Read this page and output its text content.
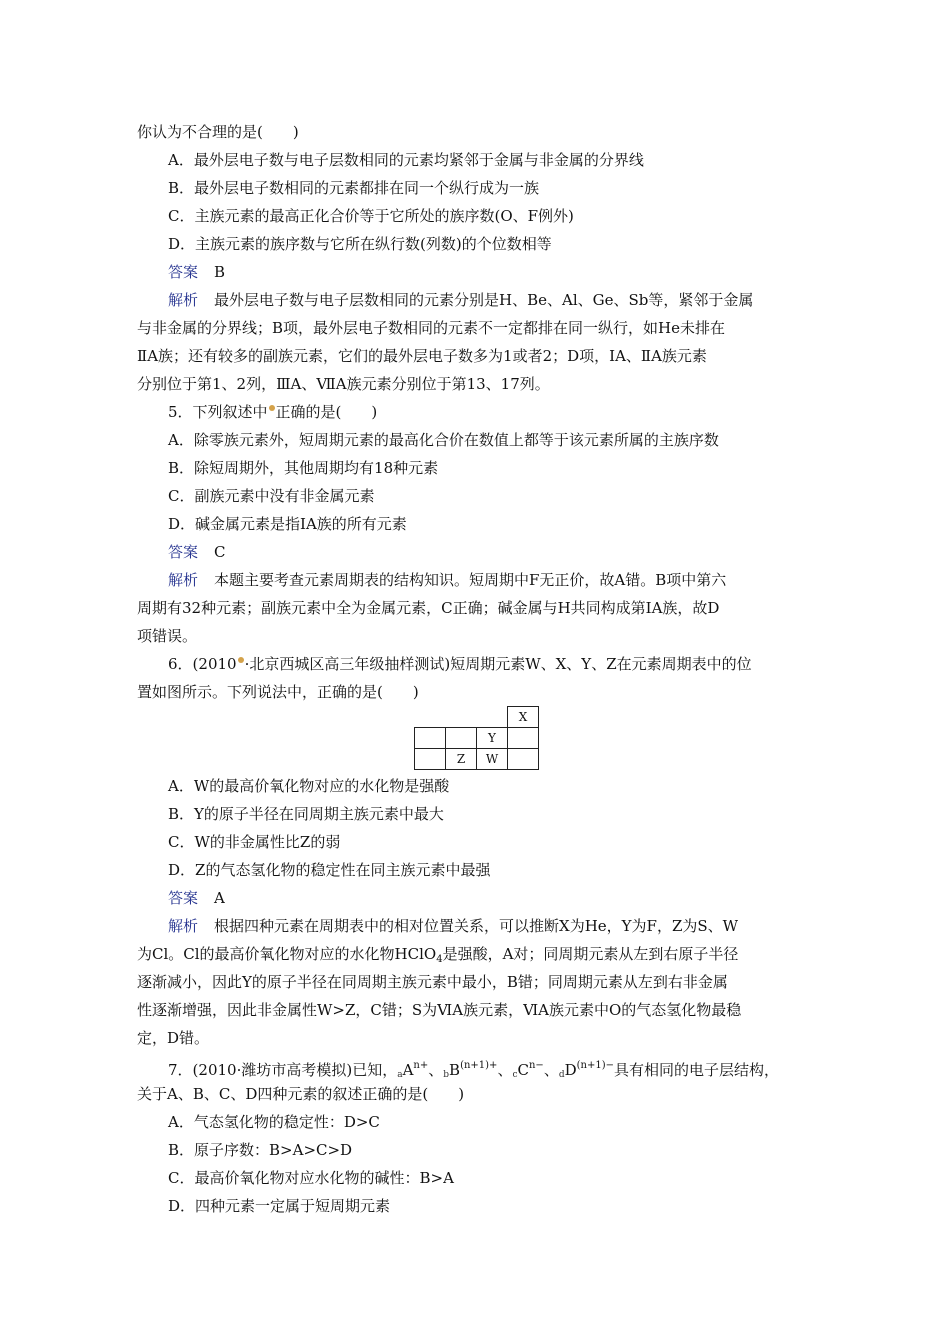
你认为不合理的是(　　)
A．最外层电子数与电子层数相同的元素均紧邻于金属与非金属的分界线
B．最外层电子数相同的元素都排在同一个纵行成为一族
C．主族元素的最高正化合价等于它所处的族序数(O、F例外)
D．主族元素的族序数与它所在纵行数(列数)的个位数相等
答案 B
解析 最外层电子数与电子层数相同的元素分别是H、Be、Al、Ge、Sb等，紧邻于金属
与非金属的分界线；B项，最外层电子数相同的元素不一定都排在同一纵行，如He未排在
ⅡA族；还有较多的副族元素，它们的最外层电子数多为1或者2；D项，ⅠA、ⅡA族元素
分别位于第1、2列，ⅢA、ⅦA族元素分别位于第13、17列。
5．下列叙述中 正确的是(　　)
A．除零族元素外，短周期元素的最高化合价在数值上都等于该元素所属的主族序数
B．除短周期外，其他周期均有18种元素
C．副族元素中没有非金属元素
D．碱金属元素是指ⅠA族的所有元素
答案 C
解析 本题主要考查元素周期表的结构知识。短周期中F无正价，故A错。B项中第六
周期有32种元素；副族元素中全为金属元素，C正确；碱金属与H共同构成第ⅠA族，故D
项错误。
6．(2010 ·北京西城区高三年级抽样测试)短周期元素W、X、Y、Z在元素周期表中的位
置如图所示。下列说法中，正确的是(　　)
			X
		Y	
	Z	W	
A．W的最高价氧化物对应的水化物是强酸
B．Y的原子半径在同周期主族元素中最大
C．W的非金属性比Z的弱
D．Z的气态氢化物的稳定性在同主族元素中最强
答案 A
解析 根据四种元素在周期表中的相对位置关系，可以推断X为He，Y为F，Z为S、W
为Cl。Cl的最高价氧化物对应的水化物HClO$_4$是强酸，A对；同周期元素从左到右原子半径
逐渐减小，因此Y的原子半径在同周期主族元素中最小，B错；同周期元素从左到右非金属
性逐渐增强，因此非金属性W>Z，C错；S为ⅥA族元素，ⅥA族元素中O的气态氢化物最稳
定，D错。
7．(2010·潍坊市高考模拟)已知，$aA^{n+}$、$bB^{(n+1)+}$、$cC^{n-}$、$dD^{(n+1)-}$具有相同的电子层结构，
关于A、B、C、D四种元素的叙述正确的是(　　)
A．气态氢化物的稳定性：D>C
B．原子序数：B>A>C>D
C．最高价氧化物对应水化物的碱性：B>A
D．四种元素一定属于短周期元素
